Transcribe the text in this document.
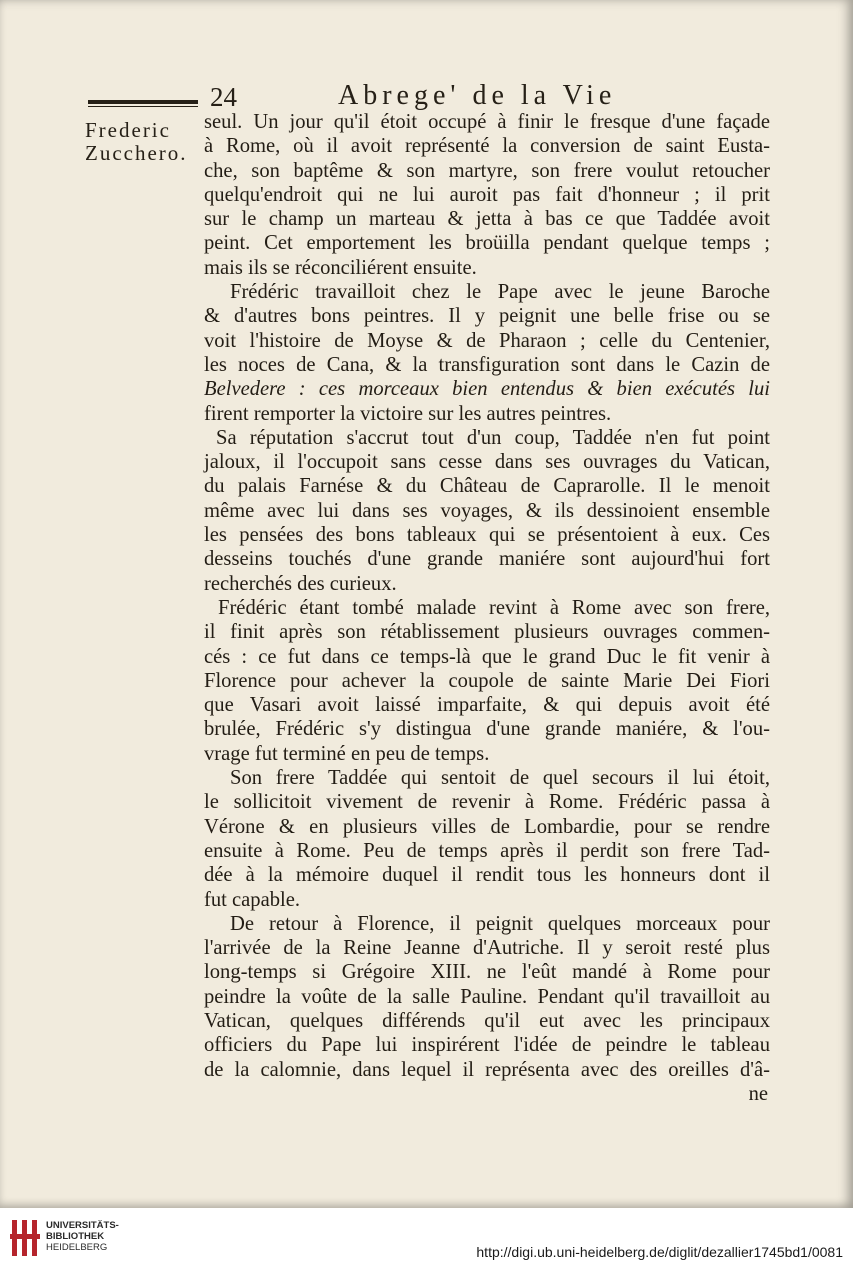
24	Abrege' de la Vie
Frederic
Zucchero.
seul. Un jour qu'il étoit occupé à finir le fresque d'une façade
à Rome, où il avoit représenté la conversion de saint Eusta-
che, son baptême & son martyre, son frere voulut retoucher
quelqu'endroit qui ne lui auroit pas fait d'honneur ; il prit
sur le champ un marteau & jetta à bas ce que Taddée avoit
peint. Cet emportement les broüilla pendant quelque temps ;
mais ils se réconciliérent ensuite.
Frédéric travailloit chez le Pape avec le jeune Baroche
& d'autres bons peintres. Il y peignit une belle frise ou se
voit l'histoire de Moyse & de Pharaon ; celle du Centenier,
les noces de Cana, & la transfiguration sont dans le Cazin de
Belvedere : ces morceaux bien entendus & bien exécutés lui
firent remporter la victoire sur les autres peintres.
Sa réputation s'accrut tout d'un coup, Taddée n'en fut point
jaloux, il l'occupoit sans cesse dans ses ouvrages du Vatican,
du palais Farnése & du Château de Caprarolle. Il le menoit
même avec lui dans ses voyages, & ils dessinoient ensemble
les pensées des bons tableaux qui se présentoient à eux. Ces
desseins touchés d'une grande maniére sont aujourd'hui fort
recherchés des curieux.
Frédéric étant tombé malade revint à Rome avec son frere,
il finit après son rétablissement plusieurs ouvrages commen-
cés : ce fut dans ce temps-là que le grand Duc le fit venir à
Florence pour achever la coupole de sainte Marie Dei Fiori
que Vasari avoit laissé imparfaite, & qui depuis avoit été
brulée, Frédéric s'y distingua d'une grande maniére, & l'ou-
vrage fut terminé en peu de temps.
Son frere Taddée qui sentoit de quel secours il lui étoit,
le sollicitoit vivement de revenir à Rome. Frédéric passa à
Vérone & en plusieurs villes de Lombardie, pour se rendre
ensuite à Rome. Peu de temps après il perdit son frere Tad-
dée à la mémoire duquel il rendit tous les honneurs dont il
fut capable.
De retour à Florence, il peignit quelques morceaux pour
l'arrivée de la Reine Jeanne d'Autriche. Il y seroit resté plus
long-temps si Grégoire XIII. ne l'eût mandé à Rome pour
peindre la voûte de la salle Pauline. Pendant qu'il travailloit au
Vatican, quelques différends qu'il eut avec les principaux
officiers du Pape lui inspirérent l'idée de peindre le tableau
de la calomnie, dans lequel il représenta avec des oreilles d'â-
ne
UNIVERSITÄTS-
BIBLIOTHEK
HEIDELBERG	http://digi.ub.uni-heidelberg.de/diglit/dezallier1745bd1/0081
